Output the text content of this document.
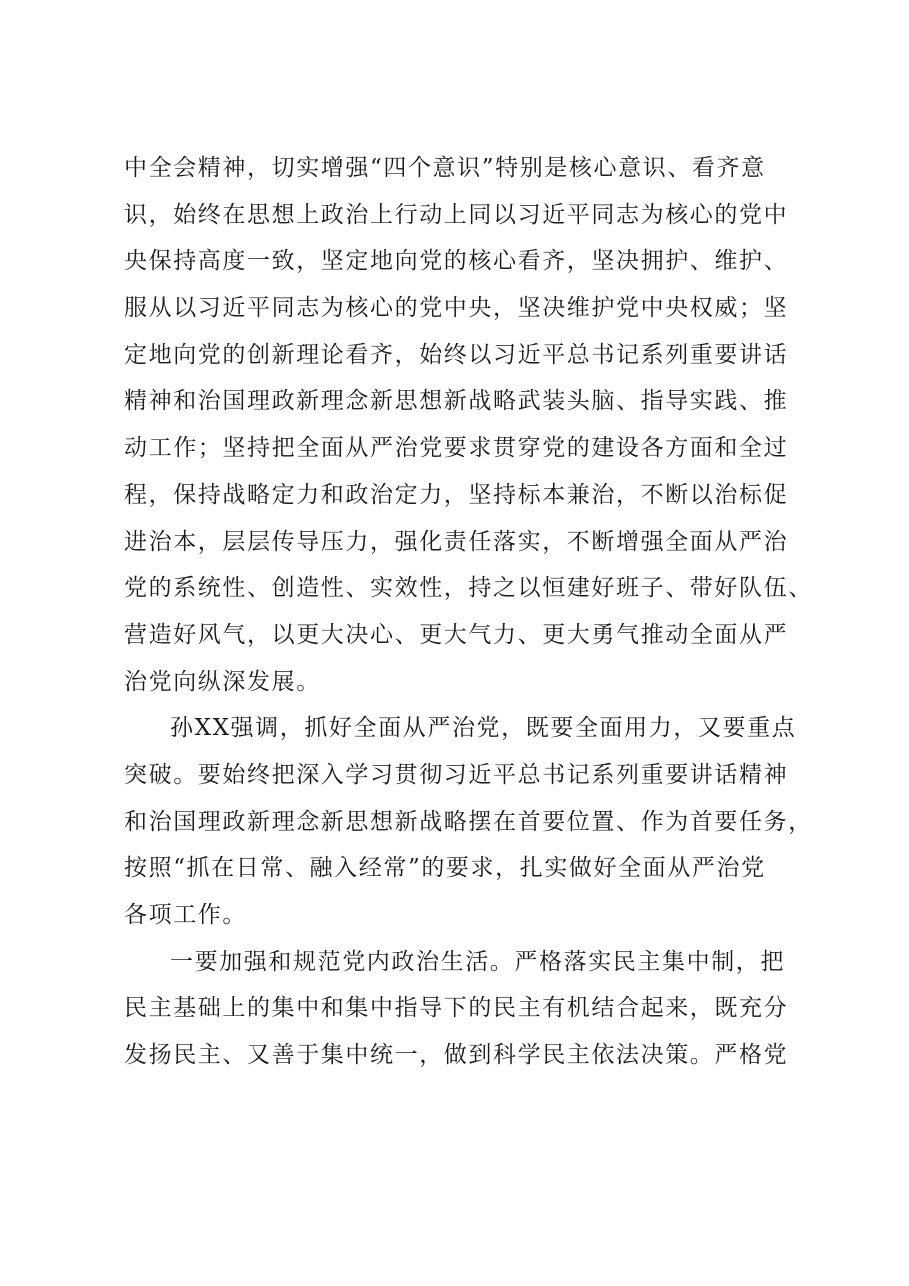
中全会精神，切实增强“四个意识”特别是核心意识、看齐意
识，始终在思想上政治上行动上同以习近平同志为核心的党中
央保持高度一致，坚定地向党的核心看齐，坚决拥护、维护、
服从以习近平同志为核心的党中央，坚决维护党中央权威；坚
定地向党的创新理论看齐，始终以习近平总书记系列重要讲话
精神和治国理政新理念新思想新战略武装头脑、指导实践、推
动工作；坚持把全面从严治党要求贯穿党的建设各方面和全过
程，保持战略定力和政治定力，坚持标本兼治，不断以治标促
进治本，层层传导压力，强化责任落实，不断增强全面从严治
党的系统性、创造性、实效性，持之以恒建好班子、带好队伍、
营造好风气，以更大决心、更大气力、更大勇气推动全面从严
治党向纵深发展。
孙XX强调，抓好全面从严治党，既要全面用力，又要重点
突破。要始终把深入学习贯彻习近平总书记系列重要讲话精神
和治国理政新理念新思想新战略摆在首要位置、作为首要任务，
按照“抓在日常、融入经常”的要求，扎实做好全面从严治党
各项工作。
一要加强和规范党内政治生活。严格落实民主集中制，把
民主基础上的集中和集中指导下的民主有机结合起来，既充分
发扬民主、又善于集中统一，做到科学民主依法决策。严格党
